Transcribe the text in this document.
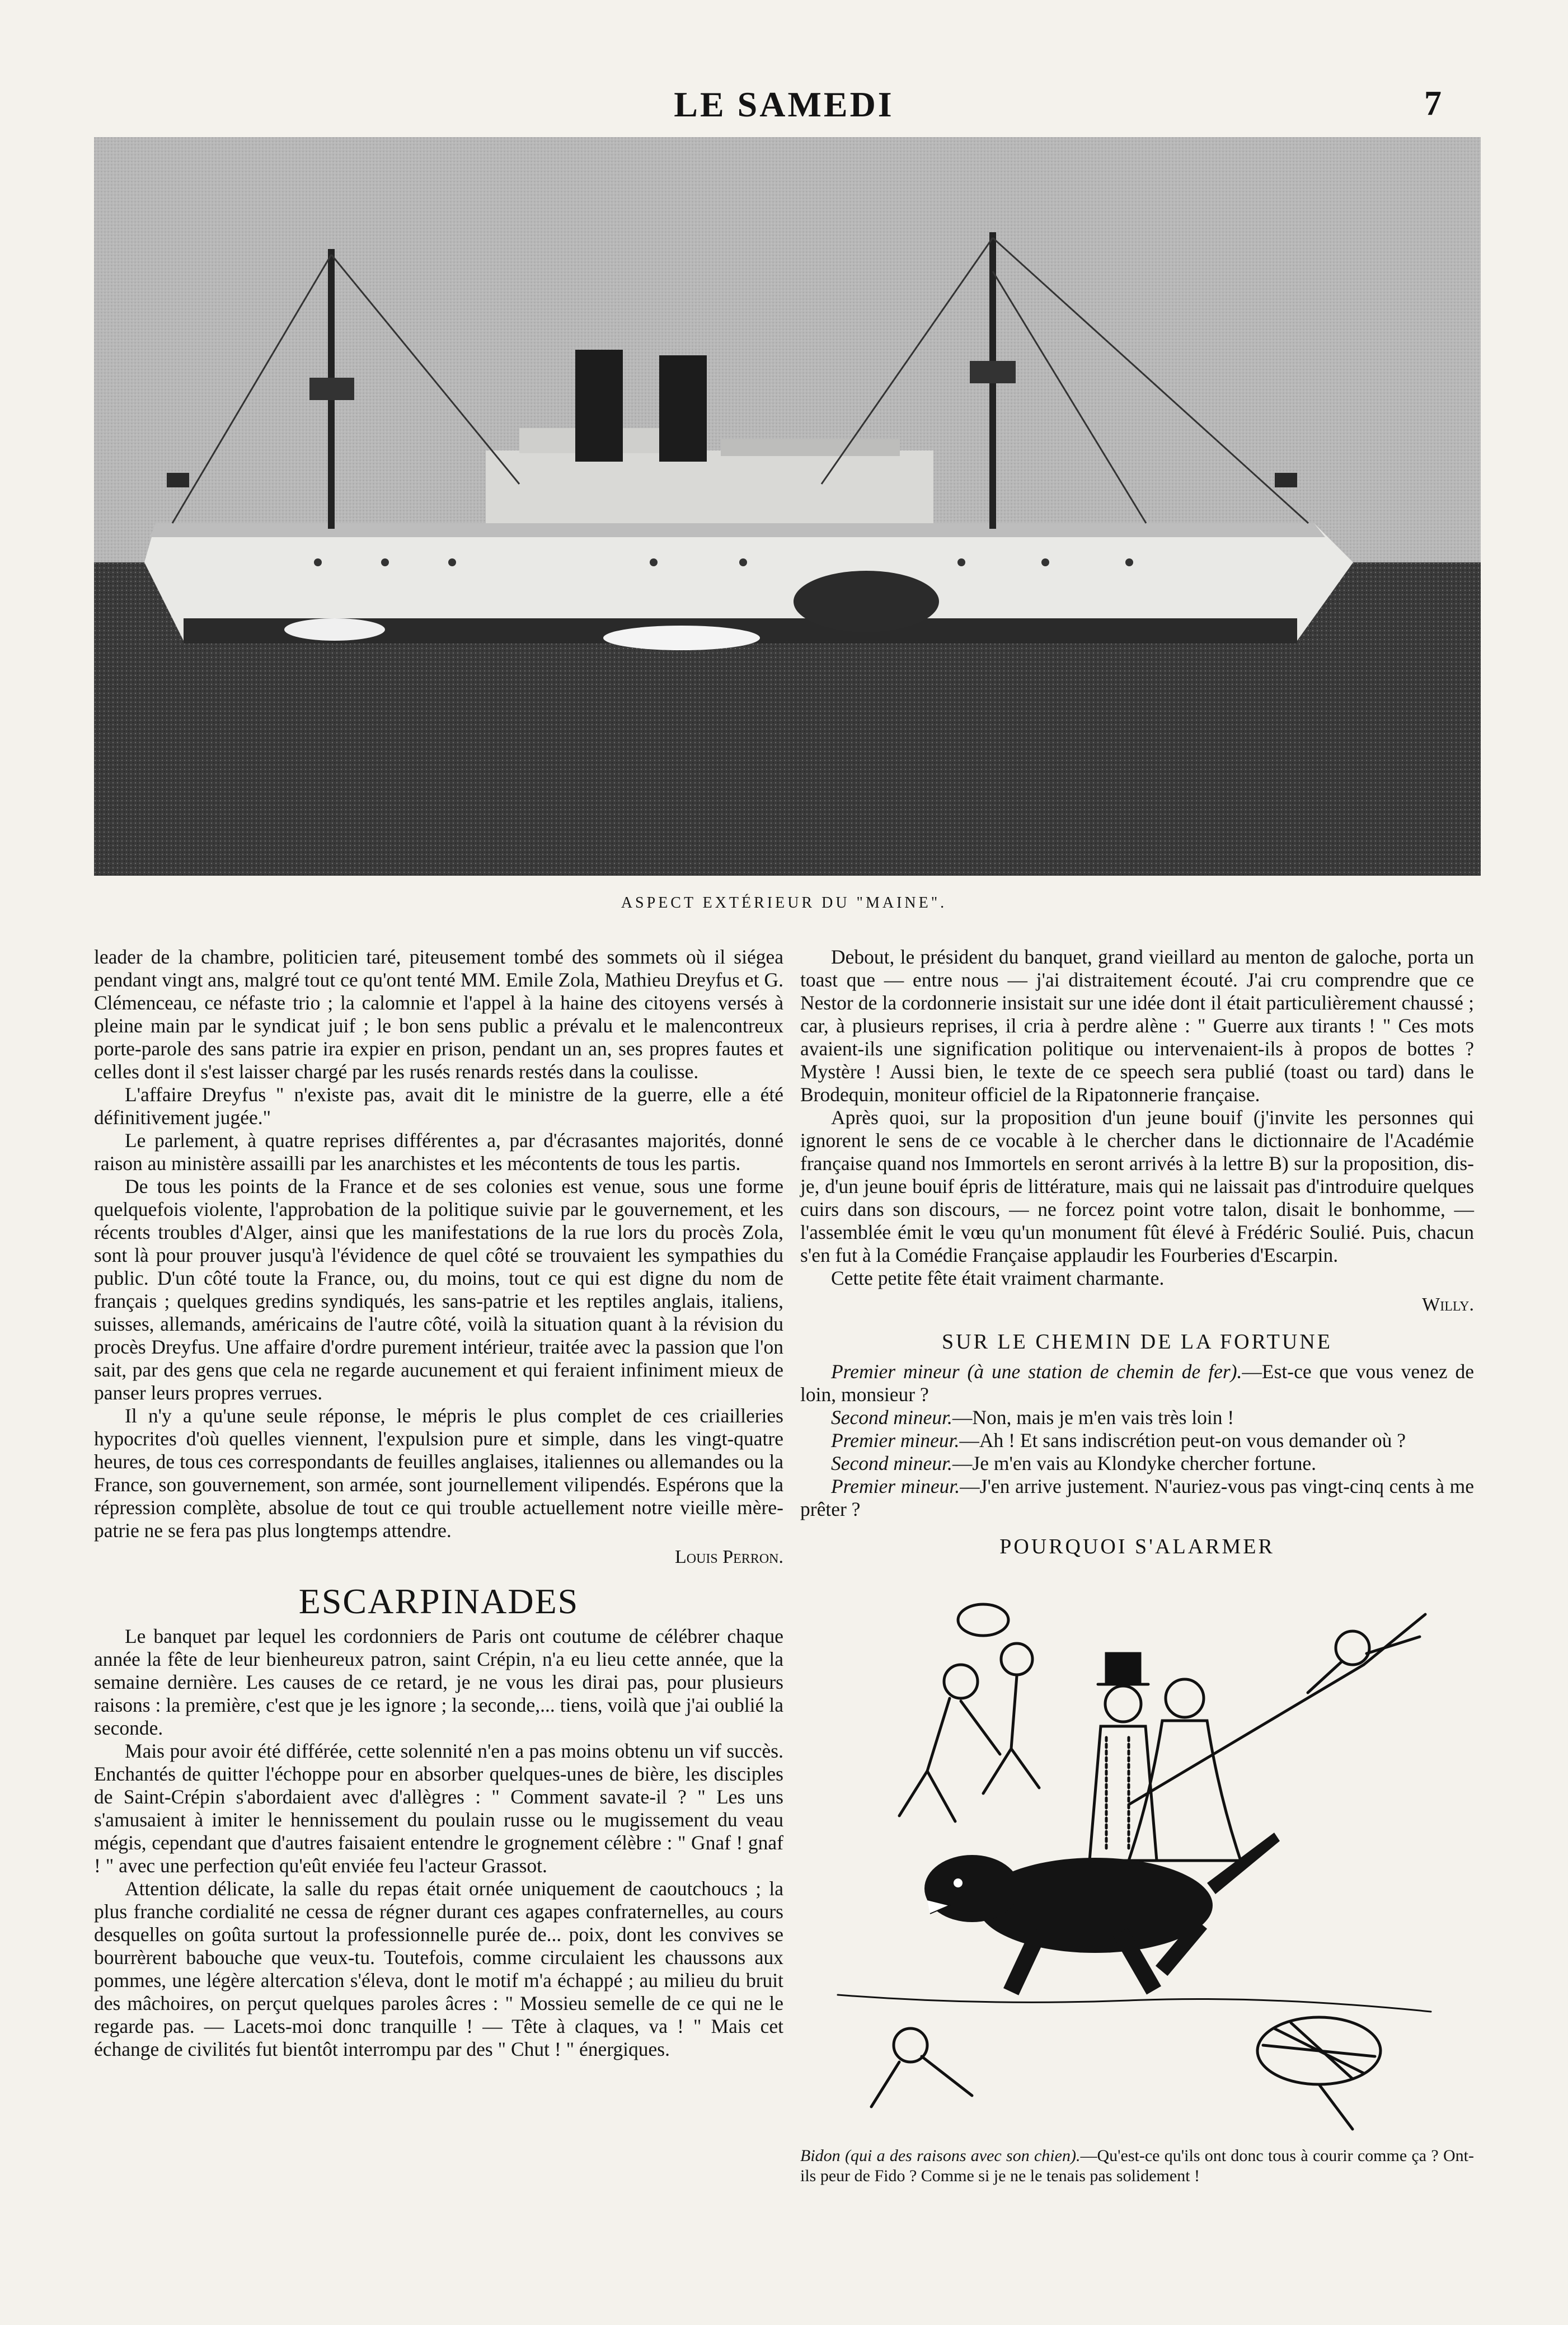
LE SAMEDI	7
ASPECT EXTÉRIEUR DU "MAINE".

leader de la chambre, politicien taré, piteusement tombé des sommets où il siégea pendant vingt ans, malgré tout ce qu'ont tenté MM. Emile Zola, Mathieu Dreyfus et G. Clémenceau, ce néfaste trio ; la calomnie et l'appel à la haine des citoyens versés à pleine main par le syndicat juif ; le bon sens public a prévalu et le malencontreux porte-parole des sans patrie ira expier en prison, pendant un an, ses propres fautes et celles dont il s'est laisser chargé par les rusés renards restés dans la coulisse.

L'affaire Dreyfus " n'existe pas, avait dit le ministre de la guerre, elle a été définitivement jugée."

Le parlement, à quatre reprises différentes a, par d'écrasantes majorités, donné raison au ministère assailli par les anarchistes et les mécontents de tous les partis.

De tous les points de la France et de ses colonies est venue, sous une forme quelquefois violente, l'approbation de la politique suivie par le gouvernement, et les récents troubles d'Alger, ainsi que les manifestations de la rue lors du procès Zola, sont là pour prouver jusqu'à l'évidence de quel côté se trouvaient les sympathies du public. D'un côté toute la France, ou, du moins, tout ce qui est digne du nom de français ; quelques gredins syndiqués, les sans-patrie et les reptiles anglais, italiens, suisses, allemands, américains de l'autre côté, voilà la situation quant à la révision du procès Dreyfus. Une affaire d'ordre purement intérieur, traitée avec la passion que l'on sait, par des gens que cela ne regarde aucunement et qui feraient infiniment mieux de panser leurs propres verrues.

Il n'y a qu'une seule réponse, le mépris le plus complet de ces criailleries hypocrites d'où quelles viennent, l'expulsion pure et simple, dans les vingt-quatre heures, de tous ces correspondants de feuilles anglaises, italiennes ou allemandes ou la France, son gouvernement, son armée, sont journellement vilipendés. Espérons que la répression complète, absolue de tout ce qui trouble actuellement notre vieille mère-patrie ne se fera pas plus longtemps attendre.

Louis Perron.
ESCARPINADES

Le banquet par lequel les cordonniers de Paris ont coutume de célébrer chaque année la fête de leur bienheureux patron, saint Crépin, n'a eu lieu cette année, que la semaine dernière. Les causes de ce retard, je ne vous les dirai pas, pour plusieurs raisons : la première, c'est que je les ignore ; la seconde,... tiens, voilà que j'ai oublié la seconde.

Mais pour avoir été différée, cette solennité n'en a pas moins obtenu un vif succès. Enchantés de quitter l'échoppe pour en absorber quelques-unes de bière, les disciples de Saint-Crépin s'abordaient avec d'allègres : " Comment savate-il ? " Les uns s'amusaient à imiter le hennissement du poulain russe ou le mugissement du veau mégis, cependant que d'autres faisaient entendre le grognement célèbre : " Gnaf ! gnaf ! " avec une perfection qu'eût enviée feu l'acteur Grassot.

Attention délicate, la salle du repas était ornée uniquement de caoutchoucs ; la plus franche cordialité ne cessa de régner durant ces agapes confraternelles, au cours desquelles on goûta surtout la professionnelle purée de... poix, dont les convives se bourrèrent babouche que veux-tu. Toutefois, comme circulaient les chaussons aux pommes, une légère altercation s'éleva, dont le motif m'a échappé ; au milieu du bruit des mâchoires, on perçut quelques paroles âcres : " Mossieu semelle de ce qui ne le regarde pas. — Lacets-moi donc tranquille ! — Tête à claques, va ! " Mais cet échange de civilités fut bientôt interrompu par des " Chut ! " énergiques.

Debout, le président du banquet, grand vieillard au menton de galoche, porta un toast que — entre nous — j'ai distraitement écouté. J'ai cru comprendre que ce Nestor de la cordonnerie insistait sur une idée dont il était particulièrement chaussé ; car, à plusieurs reprises, il cria à perdre alène : " Guerre aux tirants ! " Ces mots avaient-ils une signification politique ou intervenaient-ils à propos de bottes ? Mystère ! Aussi bien, le texte de ce speech sera publié (toast ou tard) dans le Brodequin, moniteur officiel de la Ripatonnerie française.

Après quoi, sur la proposition d'un jeune bouif (j'invite les personnes qui ignorent le sens de ce vocable à le chercher dans le dictionnaire de l'Académie française quand nos Immortels en seront arrivés à la lettre B) sur la proposition, dis-je, d'un jeune bouif épris de littérature, mais qui ne laissait pas d'introduire quelques cuirs dans son discours, — ne forcez point votre talon, disait le bonhomme, — l'assemblée émit le vœu qu'un monument fût élevé à Frédéric Soulié. Puis, chacun s'en fut à la Comédie Française applaudir les Fourberies d'Escarpin.

Cette petite fête était vraiment charmante.

Willy.
SUR LE CHEMIN DE LA FORTUNE

Premier mineur (à une station de chemin de fer).—Est-ce que vous venez de loin, monsieur ?

Second mineur.—Non, mais je m'en vais très loin !

Premier mineur.—Ah ! Et sans indiscrétion peut-on vous demander où ?

Second mineur.—Je m'en vais au Klondyke chercher fortune.

Premier mineur.—J'en arrive justement. N'auriez-vous pas vingt-cinq cents à me prêter ?

POURQUOI S'ALARMER
Bidon (qui a des raisons avec son chien).—Qu'est-ce qu'ils ont donc tous à courir comme ça ? Ont-ils peur de Fido ? Comme si je ne le tenais pas solidement !
